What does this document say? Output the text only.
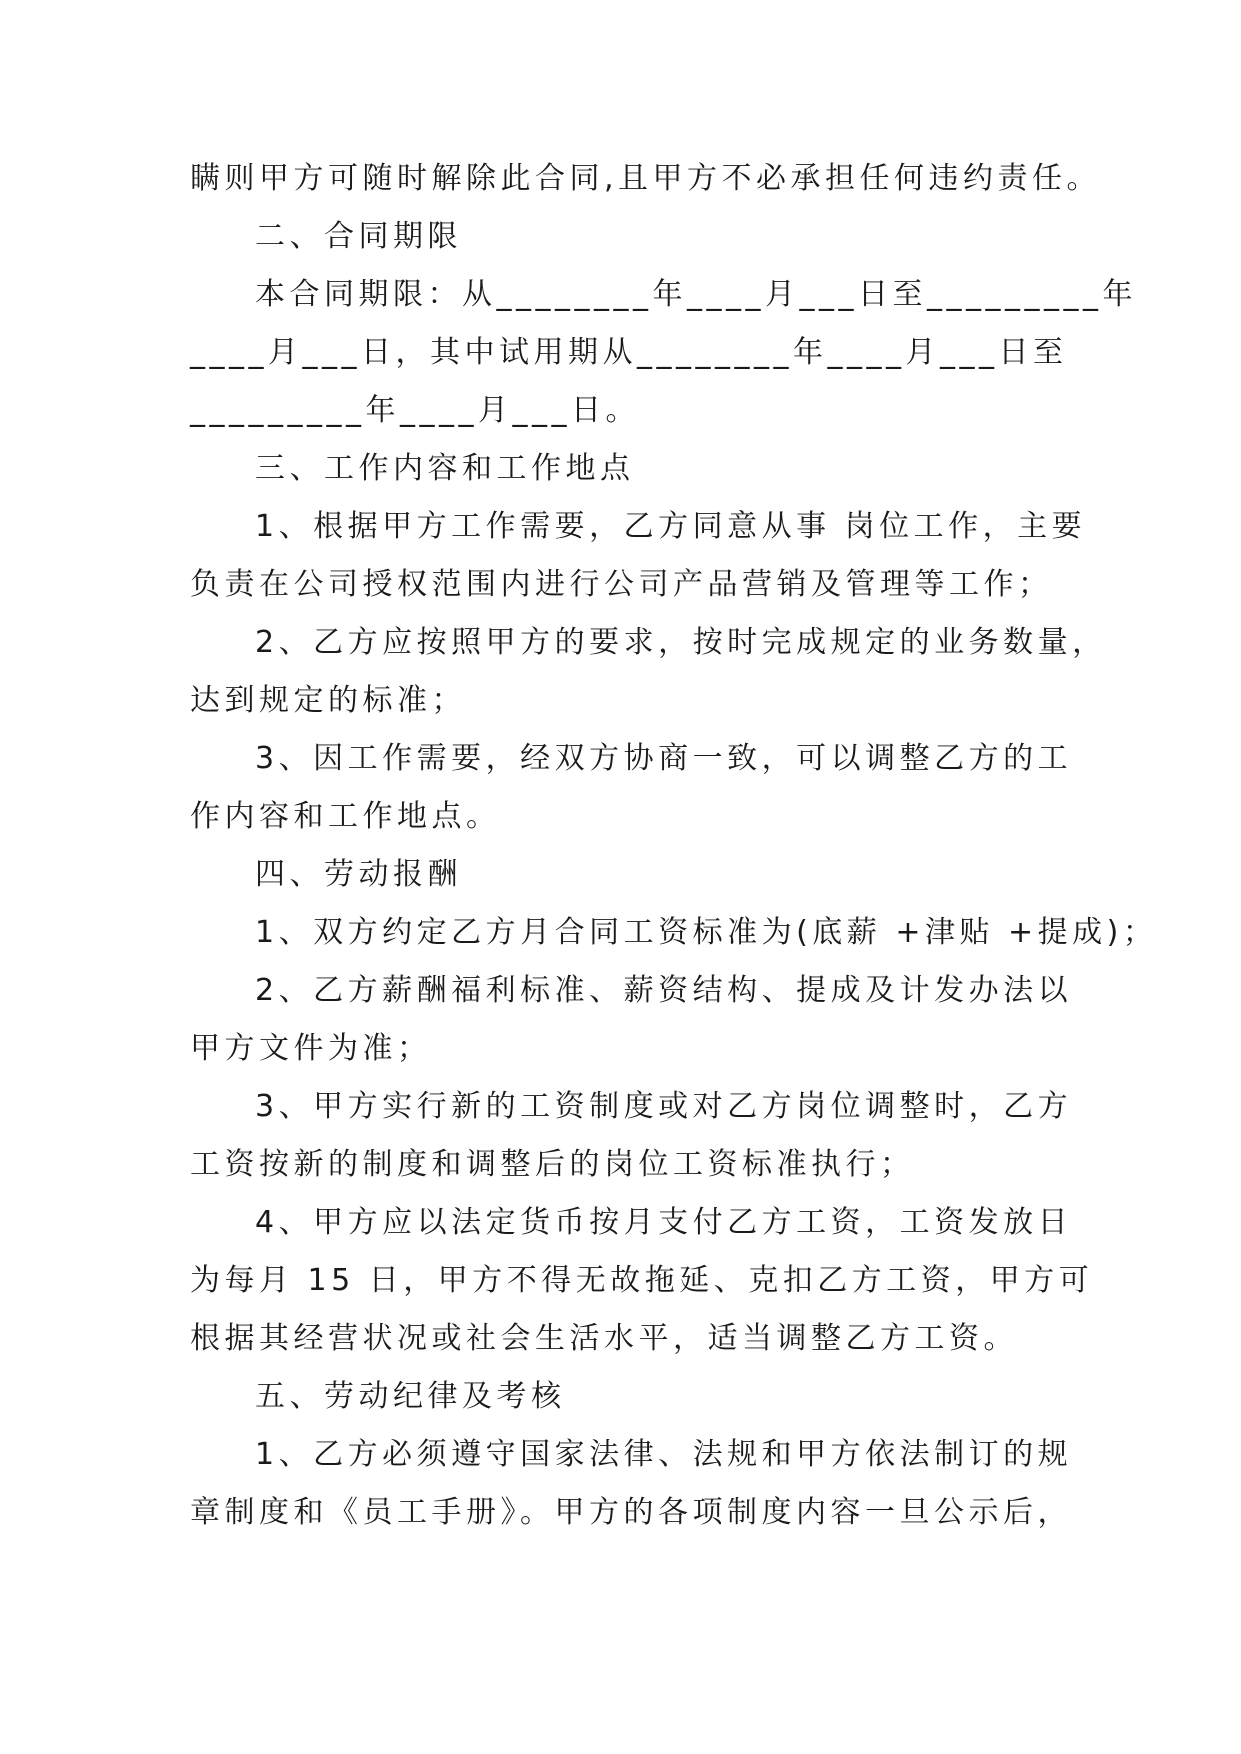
瞒则甲方可随时解除此合同,且甲方不必承担任何违约责任。
二、合同期限
本合同期限：从________年____月___日至_________年
____月___日，其中试用期从________年____月___日至
_________年____月___日。
三、工作内容和工作地点
1、根据甲方工作需要，乙方同意从事 岗位工作，主要
负责在公司授权范围内进行公司产品营销及管理等工作；
2、乙方应按照甲方的要求，按时完成规定的业务数量，
达到规定的标准；
3、因工作需要，经双方协商一致，可以调整乙方的工
作内容和工作地点。
四、劳动报酬
1、双方约定乙方月合同工资标准为(底薪 +津贴 +提成)；
2、乙方薪酬福利标准、薪资结构、提成及计发办法以
甲方文件为准；
3、甲方实行新的工资制度或对乙方岗位调整时，乙方
工资按新的制度和调整后的岗位工资标准执行；
4、甲方应以法定货币按月支付乙方工资，工资发放日
为每月 15 日，甲方不得无故拖延、克扣乙方工资，甲方可
根据其经营状况或社会生活水平，适当调整乙方工资。
五、劳动纪律及考核
1、乙方必须遵守国家法律、法规和甲方依法制订的规
章制度和《员工手册》。甲方的各项制度内容一旦公示后，
